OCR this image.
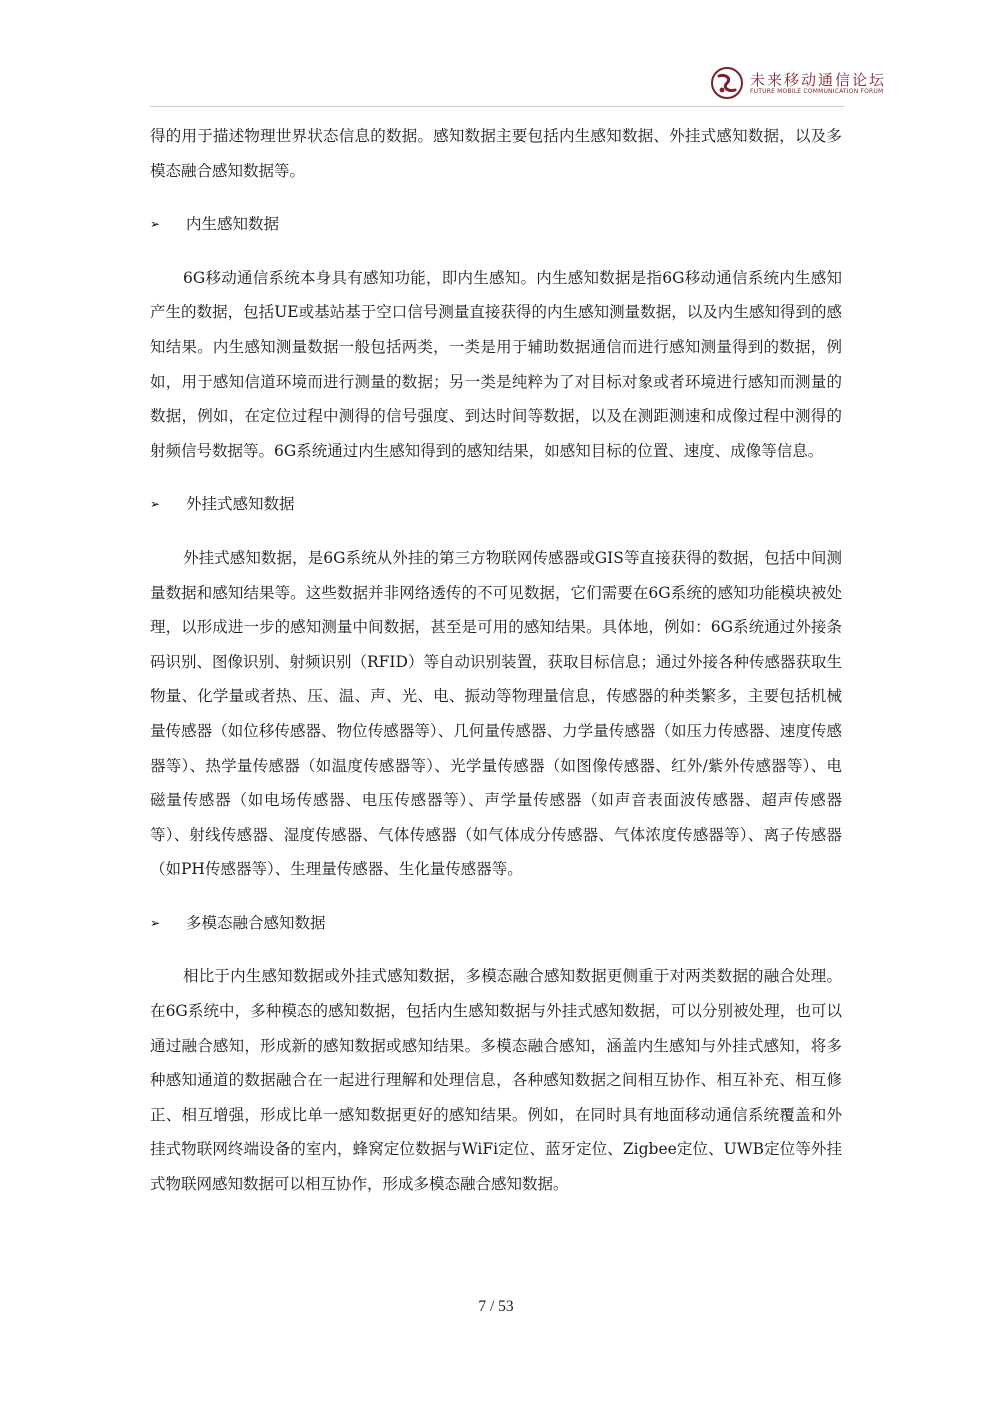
未来移动通信论坛
FUTURE MOBILE COMMUNICATION FORUM

得的用于描述物理世界状态信息的数据。感知数据主要包括内生感知数据、外挂式感知数据，以及多模态融合感知数据等。

➢	内生感知数据

6G移动通信系统本身具有感知功能，即内生感知。内生感知数据是指6G移动通信系统内生感知产生的数据，包括UE或基站基于空口信号测量直接获得的内生感知测量数据，以及内生感知得到的感知结果。内生感知测量数据一般包括两类，一类是用于辅助数据通信而进行感知测量得到的数据，例如，用于感知信道环境而进行测量的数据；另一类是纯粹为了对目标对象或者环境进行感知而测量的数据，例如，在定位过程中测得的信号强度、到达时间等数据，以及在测距测速和成像过程中测得的射频信号数据等。6G系统通过内生感知得到的感知结果，如感知目标的位置、速度、成像等信息。

➢	外挂式感知数据

外挂式感知数据，是6G系统从外挂的第三方物联网传感器或GIS等直接获得的数据，包括中间测量数据和感知结果等。这些数据并非网络透传的不可见数据，它们需要在6G系统的感知功能模块被处理，以形成进一步的感知测量中间数据，甚至是可用的感知结果。具体地，例如：6G系统通过外接条码识别、图像识别、射频识别（RFID）等自动识别装置，获取目标信息；通过外接各种传感器获取生物量、化学量或者热、压、温、声、光、电、振动等物理量信息，传感器的种类繁多，主要包括机械量传感器（如位移传感器、物位传感器等）、几何量传感器、力学量传感器（如压力传感器、速度传感器等）、热学量传感器（如温度传感器等）、光学量传感器（如图像传感器、红外/紫外传感器等）、电磁量传感器（如电场传感器、电压传感器等）、声学量传感器（如声音表面波传感器、超声传感器等）、射线传感器、湿度传感器、气体传感器（如气体成分传感器、气体浓度传感器等）、离子传感器（如PH传感器等）、生理量传感器、生化量传感器等。

➢	多模态融合感知数据

相比于内生感知数据或外挂式感知数据，多模态融合感知数据更侧重于对两类数据的融合处理。在6G系统中，多种模态的感知数据，包括内生感知数据与外挂式感知数据，可以分别被处理，也可以通过融合感知，形成新的感知数据或感知结果。多模态融合感知，涵盖内生感知与外挂式感知，将多种感知通道的数据融合在一起进行理解和处理信息，各种感知数据之间相互协作、相互补充、相互修正、相互增强，形成比单一感知数据更好的感知结果。例如，在同时具有地面移动通信系统覆盖和外挂式物联网终端设备的室内，蜂窝定位数据与WiFi定位、蓝牙定位、Zigbee定位、UWB定位等外挂式物联网感知数据可以相互协作，形成多模态融合感知数据。

7 / 53
